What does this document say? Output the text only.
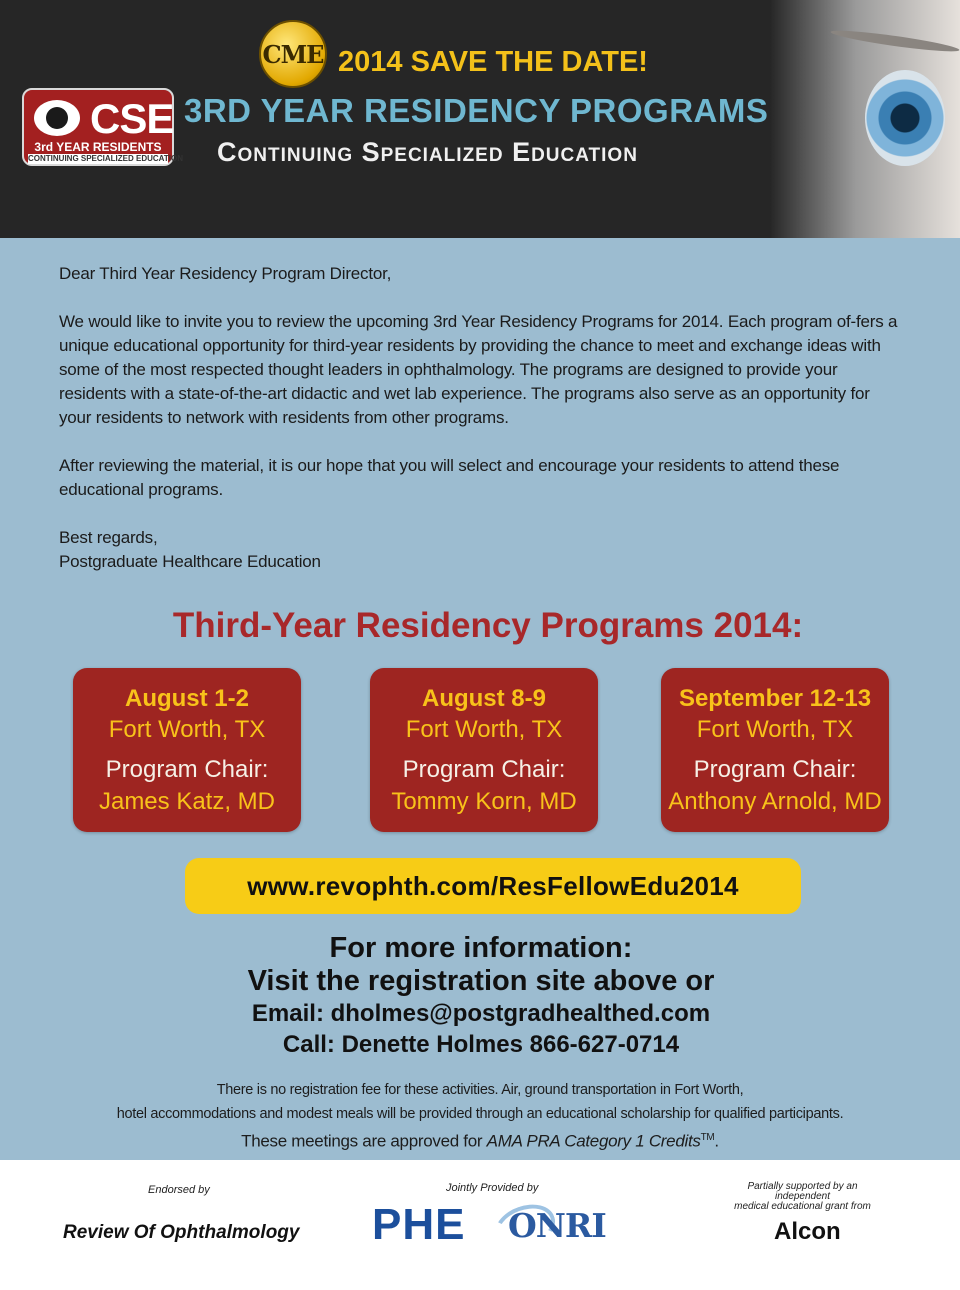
CME 2014 SAVE THE DATE!
CSE
3rd YEAR RESIDENTS
CONTINUING SPECIALIZED EDUCATION
3RD YEAR RESIDENCY PROGRAMS
Continuing Specialized Education

Dear Third Year Residency Program Director,

We would like to invite you to review the upcoming 3rd Year Residency Programs for 2014. Each program of-fers a unique educational opportunity for third-year residents by providing the chance to meet and exchange ideas with some of the most respected thought leaders in ophthalmology. The programs are designed to provide your residents with a state-of-the-art didactic and wet lab experience. The programs also serve as an opportunity for your residents to network with residents from other programs.

After reviewing the material, it is our hope that you will select and encourage your residents to attend these educational programs.

Best regards,

Postgraduate Healthcare Education

Third-Year Residency Programs 2014:
August 1-2
Fort Worth, TX
Program Chair:
James Katz, MD
August 8-9
Fort Worth, TX
Program Chair:
Tommy Korn, MD
September 12-13
Fort Worth, TX
Program Chair:
Anthony Arnold, MD
www.revophth.com/ResFellowEdu2014
For more information:
Visit the registration site above or
Email: dholmes@postgradhealthed.com
Call: Denette Holmes 866-627-0714
There is no registration fee for these activities. Air, ground transportation in Fort Worth,
hotel accommodations and modest meals will be provided through an educational scholarship for qualified participants.
These meetings are approved for AMA PRA Category 1 Credits™.
Endorsed by
Review Of Ophthalmology
Jointly Provided by
PHE ONRI
Partially supported by an independent
medical educational grant from
Alcon
